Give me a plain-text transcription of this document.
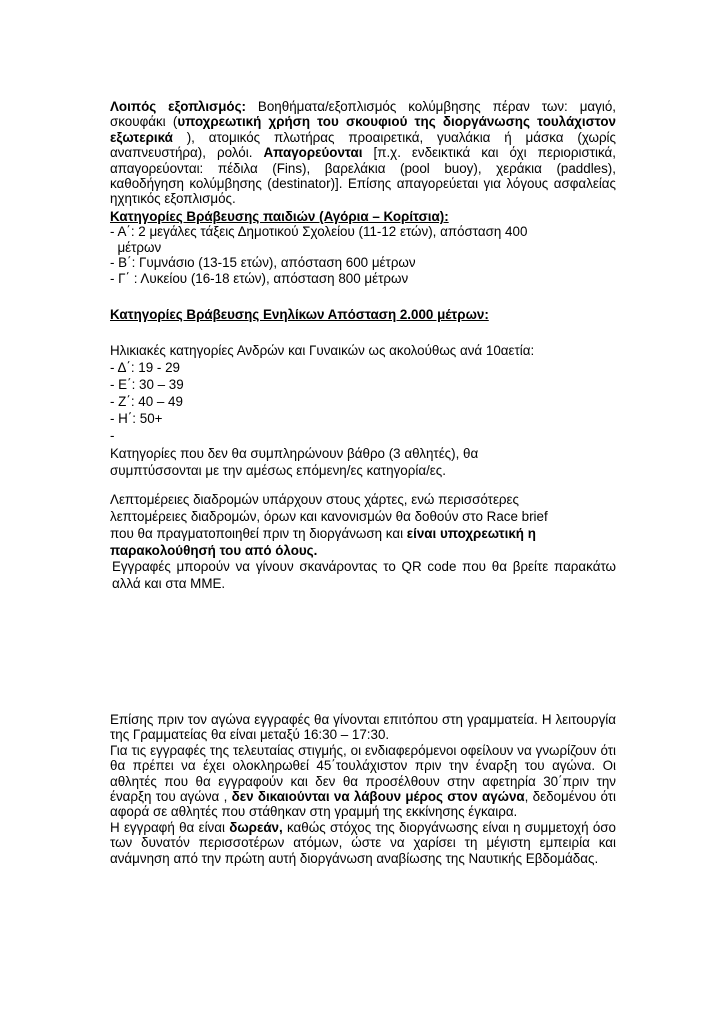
Λοιπός εξοπλισμός: Βοηθήματα/εξοπλισμός κολύμβησης πέραν των: μαγιό, σκουφάκι (υποχρεωτική χρήση του σκουφιού της διοργάνωσης τουλάχιστον εξωτερικά ), ατομικός πλωτήρας προαιρετικά, γυαλάκια ή μάσκα (χωρίς αναπνευστήρα), ρολόι. Απαγορεύονται [π.χ. ενδεικτικά και όχι περιοριστικά, απαγορεύονται: πέδιλα (Fins), βαρελάκια (pool buoy), χεράκια (paddles), καθοδήγηση κολύμβησης (destinator)]. Επίσης απαγορεύεται για λόγους ασφαλείας ηχητικός εξοπλισμός.
Κατηγορίες Βράβευσης παιδιών (Αγόρια – Κορίτσια):
- Α΄: 2 μεγάλες τάξεις Δημοτικού Σχολείου (11-12 ετών), απόσταση 400
μέτρων
- Β΄: Γυμνάσιο (13-15 ετών), απόσταση 600 μέτρων
- Γ΄ : Λυκείου (16-18 ετών), απόσταση 800 μέτρων
Κατηγορίες Βράβευσης Ενηλίκων Απόσταση 2.000 μέτρων:
Ηλικιακές κατηγορίες Ανδρών και Γυναικών ως ακολούθως ανά 10αετία:
- Δ΄: 19 - 29
- Ε΄: 30 – 39
- Ζ΄: 40 – 49
- Η΄: 50+
-
Κατηγορίες που δεν θα συμπληρώνουν βάθρο (3 αθλητές), θα
συμπτύσσονται με την αμέσως επόμενη/ες κατηγορία/ες.
Λεπτομέρειες διαδρομών υπάρχουν στους χάρτες, ενώ περισσότερες
λεπτομέρειες διαδρομών, όρων και κανονισμών θα δοθούν στο Race brief
που θα πραγματοποιηθεί πριν τη διοργάνωση και είναι υποχρεωτική η
παρακολούθησή του από όλους.
Εγγραφές μπορούν να γίνουν σκανάροντας το QR code που θα βρείτε παρακάτω αλλά και στα ΜΜΕ.
Επίσης πριν τον αγώνα εγγραφές θα γίνονται επιτόπου στη γραμματεία. Η λειτουργία της Γραμματείας θα είναι μεταξύ 16:30 – 17:30.
Για τις εγγραφές της τελευταίας στιγμής, οι ενδιαφερόμενοι οφείλουν να γνωρίζουν ότι θα πρέπει να έχει ολοκληρωθεί 45΄τουλάχιστον πριν την έναρξη του αγώνα. Οι αθλητές που θα εγγραφούν και δεν θα προσέλθουν στην αφετηρία 30΄πριν την έναρξη του αγώνα , δεν δικαιούνται να λάβουν μέρος στον αγώνα, δεδομένου ότι αφορά σε αθλητές που στάθηκαν στη γραμμή της εκκίνησης έγκαιρα.
Η εγγραφή θα είναι δωρεάν, καθώς στόχος της διοργάνωσης είναι η συμμετοχή όσο των δυνατόν περισσοτέρων ατόμων, ώστε να χαρίσει τη μέγιστη εμπειρία και ανάμνηση από την πρώτη αυτή διοργάνωση αναβίωσης της Ναυτικής Εβδομάδας.
